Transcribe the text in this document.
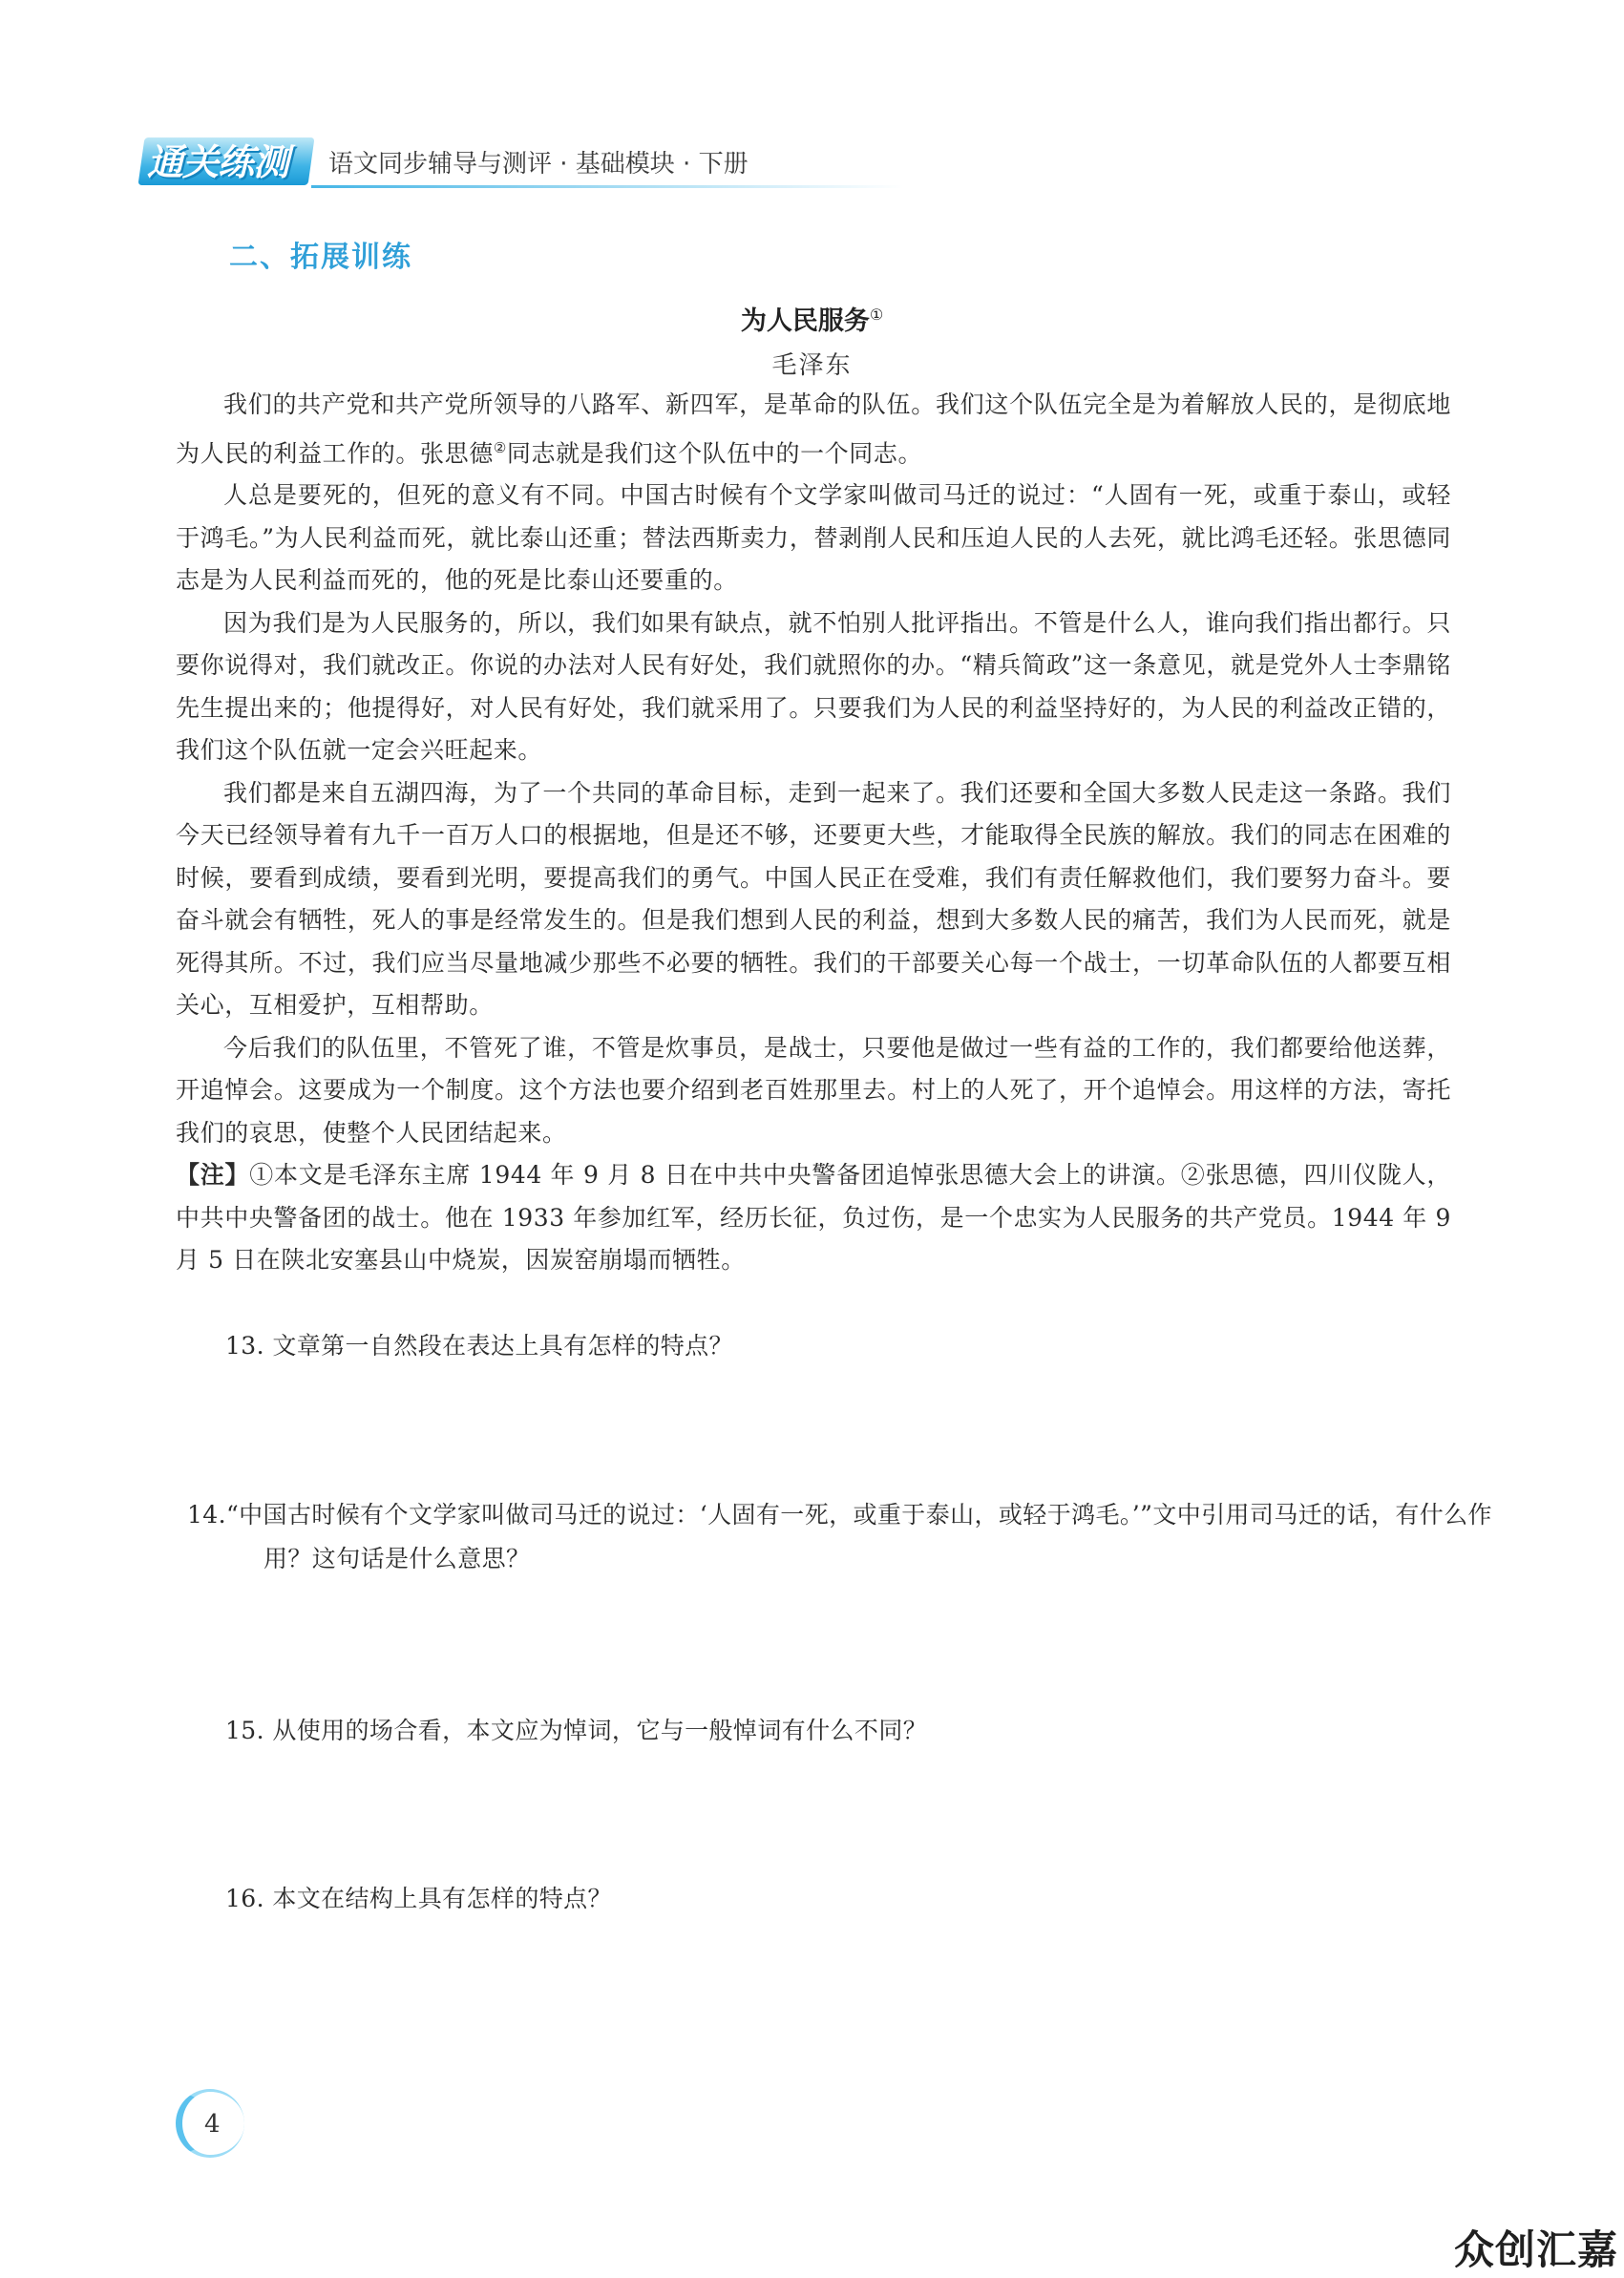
通关练测	语文同步辅导与测评 · 基础模块 · 下册
二、拓展训练
为人民服务①
毛泽东

我们的共产党和共产党所领导的八路军、新四军，是革命的队伍。我们这个队伍完全是为着解放人民的，是彻底地为人民的利益工作的。张思德②同志就是我们这个队伍中的一个同志。

人总是要死的，但死的意义有不同。中国古时候有个文学家叫做司马迁的说过：“人固有一死，或重于泰山，或轻于鸿毛。”为人民利益而死，就比泰山还重；替法西斯卖力，替剥削人民和压迫人民的人去死，就比鸿毛还轻。张思德同志是为人民利益而死的，他的死是比泰山还要重的。

因为我们是为人民服务的，所以，我们如果有缺点，就不怕别人批评指出。不管是什么人，谁向我们指出都行。只要你说得对，我们就改正。你说的办法对人民有好处，我们就照你的办。“精兵简政”这一条意见，就是党外人士李鼎铭先生提出来的；他提得好，对人民有好处，我们就采用了。只要我们为人民的利益坚持好的，为人民的利益改正错的，我们这个队伍就一定会兴旺起来。

我们都是来自五湖四海，为了一个共同的革命目标，走到一起来了。我们还要和全国大多数人民走这一条路。我们今天已经领导着有九千一百万人口的根据地，但是还不够，还要更大些，才能取得全民族的解放。我们的同志在困难的时候，要看到成绩，要看到光明，要提高我们的勇气。中国人民正在受难，我们有责任解救他们，我们要努力奋斗。要奋斗就会有牺牲，死人的事是经常发生的。但是我们想到人民的利益，想到大多数人民的痛苦，我们为人民而死，就是死得其所。不过，我们应当尽量地减少那些不必要的牺牲。我们的干部要关心每一个战士，一切革命队伍的人都要互相关心，互相爱护，互相帮助。

今后我们的队伍里，不管死了谁，不管是炊事员，是战士，只要他是做过一些有益的工作的，我们都要给他送葬，开追悼会。这要成为一个制度。这个方法也要介绍到老百姓那里去。村上的人死了，开个追悼会。用这样的方法，寄托我们的哀思，使整个人民团结起来。

【注】①本文是毛泽东主席 1944 年 9 月 8 日在中共中央警备团追悼张思德大会上的讲演。②张思德，四川仪陇人，中共中央警备团的战士。他在 1933 年参加红军，经历长征，负过伤，是一个忠实为人民服务的共产党员。1944 年 9 月 5 日在陕北安塞县山中烧炭，因炭窑崩塌而牺牲。

13. 文章第一自然段在表达上具有怎样的特点？
14.“中国古时候有个文学家叫做司马迁的说过：‘人固有一死，或重于泰山，或轻于鸿毛。’”文中引用司马迁的话，有什么作用？这句话是什么意思？
15. 从使用的场合看，本文应为悼词，它与一般悼词有什么不同？
16. 本文在结构上具有怎样的特点？
4
众创汇嘉
